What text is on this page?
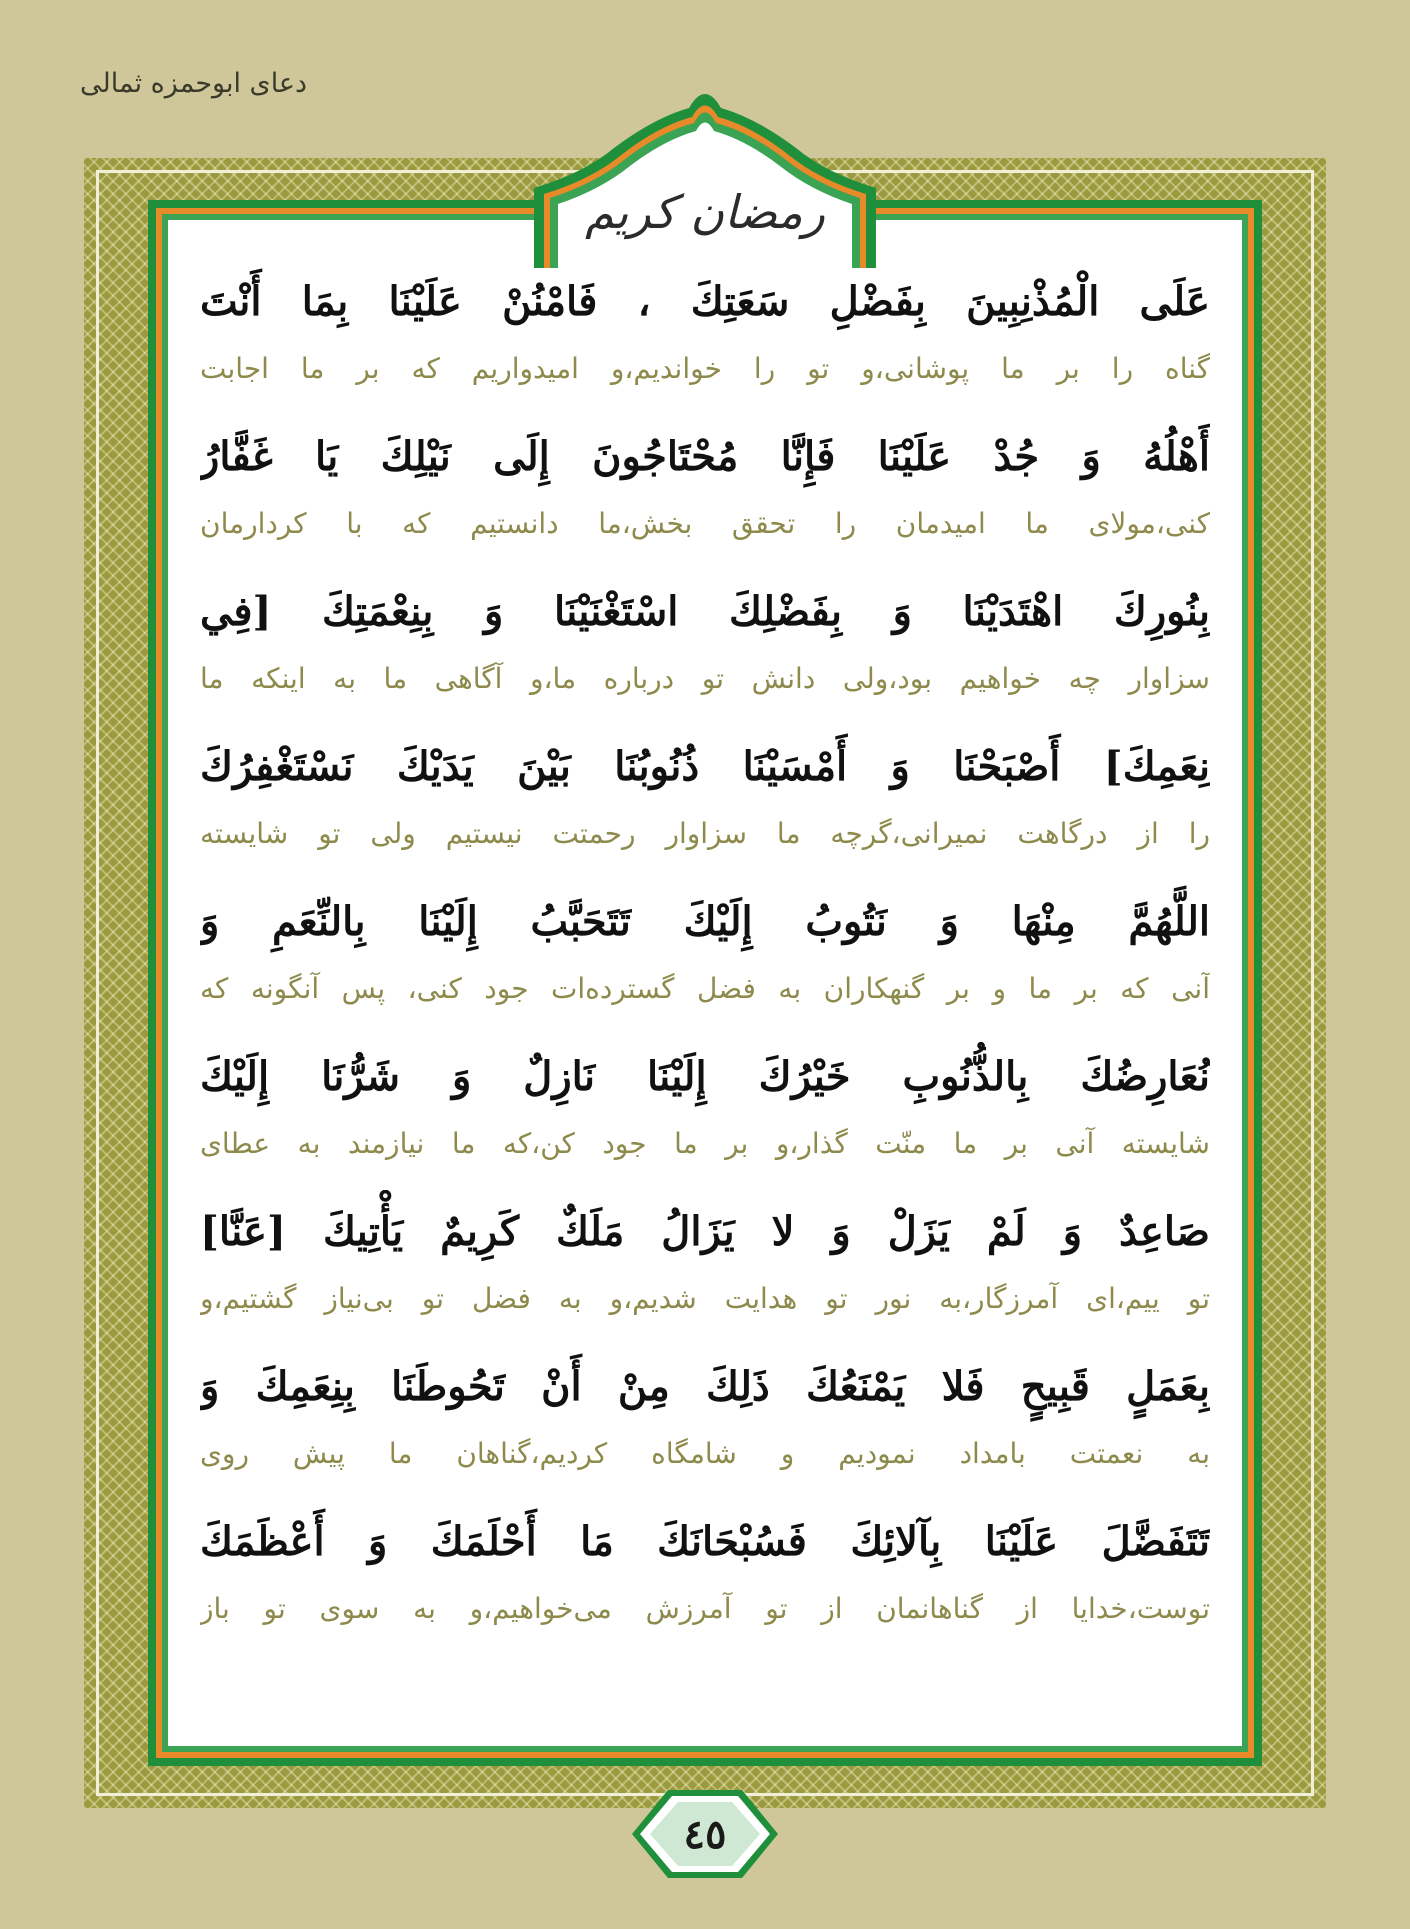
دعای ابوحمزه ثمالی
رمضان کریم
عَلَى الْمُذْنِبِينَ بِفَضْلِ سَعَتِكَ ، فَامْنُنْ عَلَيْنَا بِمَا أَنْتَ
گناه را بر ما پوشانی،و تو را خواندیم،و امیدواریم که بر ما اجابت
أَهْلُهُ وَ جُدْ عَلَيْنَا فَإِنَّا مُحْتَاجُونَ إِلَى نَيْلِكَ يَا غَفَّارُ
کنی،مولای ما امیدمان را تحقق بخش،ما دانستیم که با کردارمان
بِنُورِكَ اهْتَدَيْنَا وَ بِفَضْلِكَ اسْتَغْنَيْنَا وَ بِنِعْمَتِكَ [فِي
سزاوار چه خواهیم بود،ولی دانش تو درباره ما،و آگاهی ما به اینکه ما
نِعَمِكَ] أَصْبَحْنَا وَ أَمْسَيْنَا ذُنُوبُنَا بَيْنَ يَدَيْكَ نَسْتَغْفِرُكَ
را از درگاهت نمیرانی،گرچه ما سزاوار رحمتت نیستیم ولی تو شایسته
اللَّهُمَّ مِنْهَا وَ نَتُوبُ إِلَيْكَ تَتَحَبَّبُ إِلَيْنَا بِالنِّعَمِ وَ
آنی که بر ما و بر گنهکاران به فضل گسترده‌ات جود کنی، پس آنگونه که
نُعَارِضُكَ بِالذُّنُوبِ خَيْرُكَ إِلَيْنَا نَازِلٌ وَ شَرُّنَا إِلَيْكَ
شایسته آنی بر ما منّت گذار،و بر ما جود کن،که ما نیازمند به عطای
صَاعِدٌ وَ لَمْ يَزَلْ وَ لا يَزَالُ مَلَكٌ كَرِيمٌ يَأْتِيكَ [عَنَّا]
تو ییم،ای آمرزگار،به نور تو هدایت شدیم،و به فضل تو بی‌نیاز گشتیم،و
بِعَمَلٍ قَبِيحٍ فَلا يَمْنَعُكَ ذَلِكَ مِنْ أَنْ تَحُوطَنَا بِنِعَمِكَ وَ
به نعمتت بامداد نمودیم و شامگاه کردیم،گناهان ما پیش روی
تَتَفَضَّلَ عَلَيْنَا بِآلائِكَ فَسُبْحَانَكَ مَا أَحْلَمَكَ وَ أَعْظَمَكَ
توست،خدایا از گناهانمان از تو آمرزش می‌خواهیم،و به سوی تو باز
٤٥
